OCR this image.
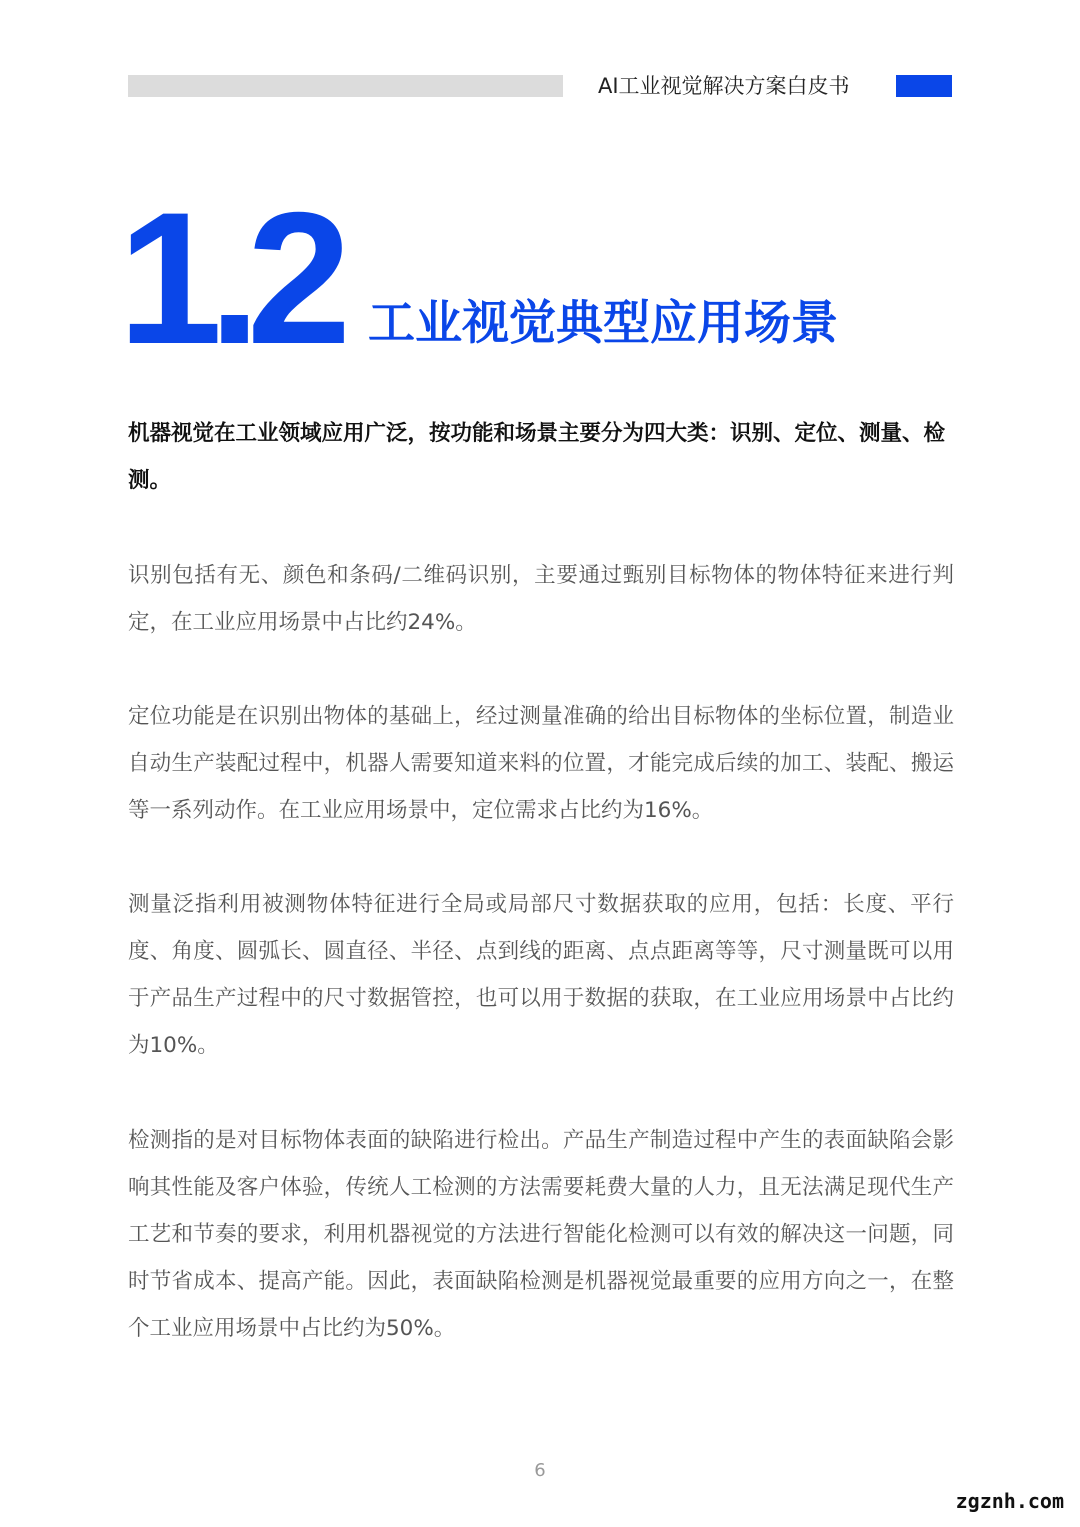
AI工业视觉解决方案白皮书
1.2 工业视觉典型应用场景
机器视觉在工业领域应用广泛，按功能和场景主要分为四大类：识别、定位、测量、检测。
识别包括有无、颜色和条码/二维码识别，主要通过甄别目标物体的物体特征来进行判定，在工业应用场景中占比约24%。
定位功能是在识别出物体的基础上，经过测量准确的给出目标物体的坐标位置，制造业自动生产装配过程中，机器人需要知道来料的位置，才能完成后续的加工、装配、搬运等一系列动作。在工业应用场景中，定位需求占比约为16%。
测量泛指利用被测物体特征进行全局或局部尺寸数据获取的应用，包括：长度、平行度、角度、圆弧长、圆直径、半径、点到线的距离、点点距离等等，尺寸测量既可以用于产品生产过程中的尺寸数据管控，也可以用于数据的获取，在工业应用场景中占比约为10%。
检测指的是对目标物体表面的缺陷进行检出。产品生产制造过程中产生的表面缺陷会影响其性能及客户体验，传统人工检测的方法需要耗费大量的人力，且无法满足现代生产工艺和节奏的要求，利用机器视觉的方法进行智能化检测可以有效的解决这一问题，同时节省成本、提高产能。因此，表面缺陷检测是机器视觉最重要的应用方向之一，在整个工业应用场景中占比约为50%。
6
zgznh.com
